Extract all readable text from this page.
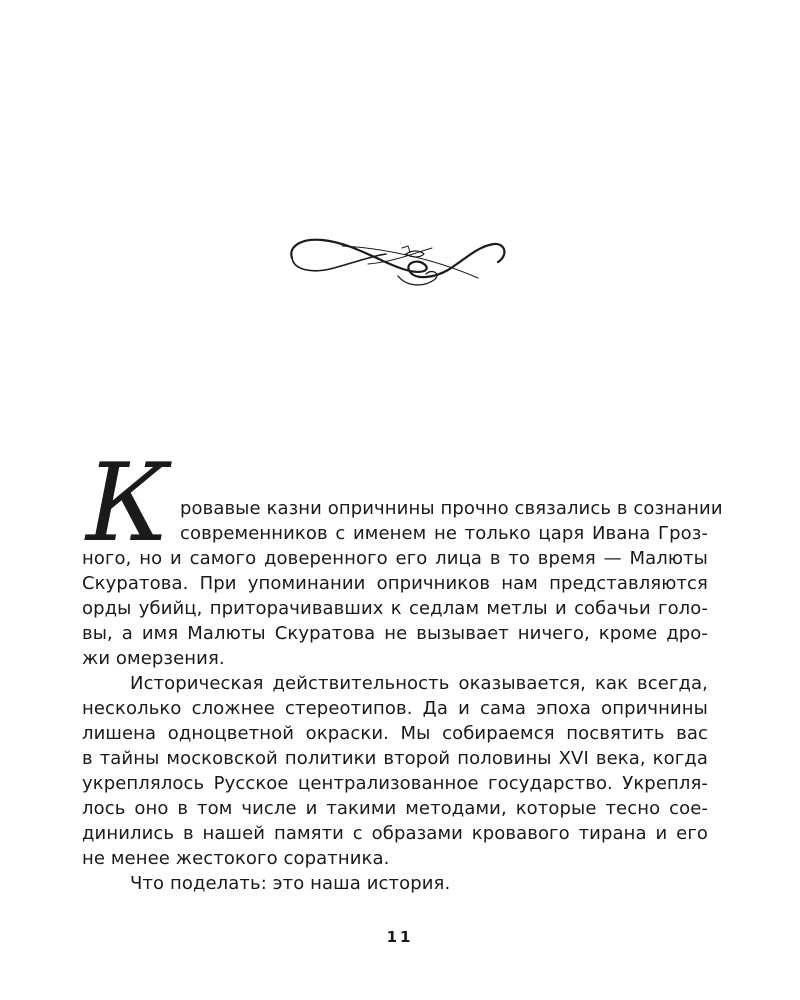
К ровавые казни опричнины прочно связались в сознании
современников с именем не только царя Ивана Гроз-
ного, но и самого доверенного его лица в то время — Малюты
Скуратова. При упоминании опричников нам представляются
орды убийц, приторачивавших к седлам метлы и собачьи голо-
вы, а имя Малюты Скуратова не вызывает ничего, кроме дро-
жи омерзения.
Историческая действительность оказывается, как всегда,
несколько сложнее стереотипов. Да и сама эпоха опричнины
лишена одноцветной окраски. Мы собираемся посвятить вас
в тайны московской политики второй половины XVI века, когда
укреплялось Русское централизованное государство. Укрепля-
лось оно в том числе и такими методами, которые тесно сое-
динились в нашей памяти с образами кровавого тирана и его
не менее жестокого соратника.
Что поделать: это наша история.
11
